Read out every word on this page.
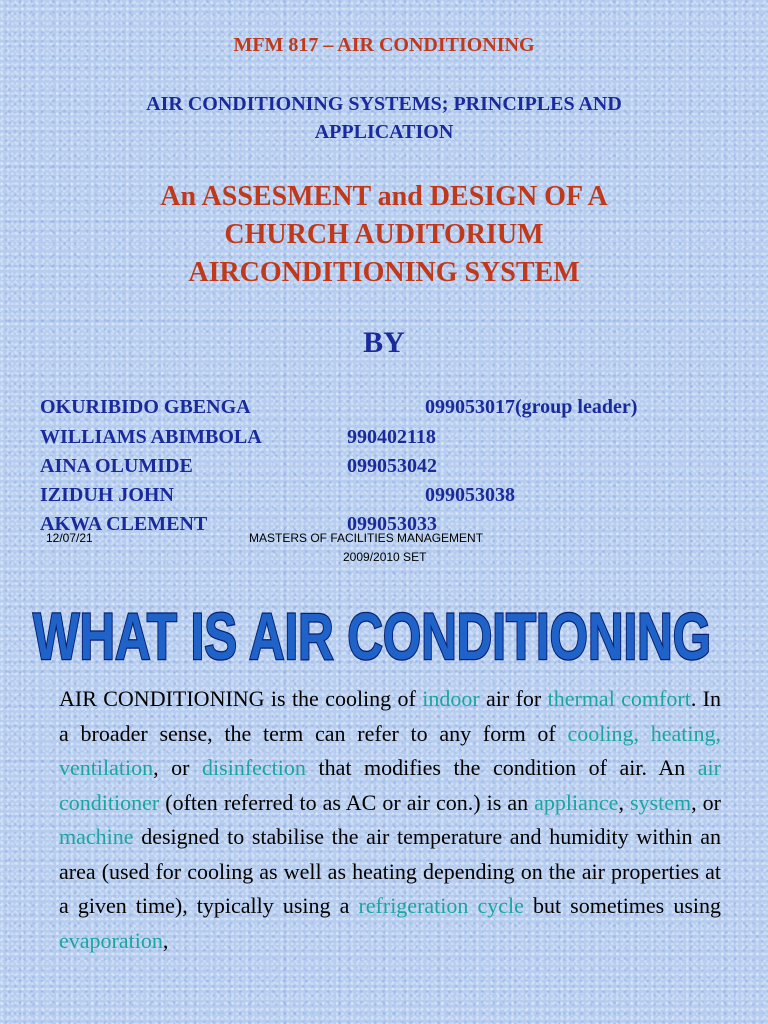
MFM 817 – AIR CONDITIONING
AIR CONDITIONING SYSTEMS; PRINCIPLES AND
APPLICATION
An ASSESMENT and DESIGN OF A
CHURCH AUDITORIUM
AIRCONDITIONING SYSTEM
BY
OKURIBIDO GBENGA	099053017(group leader)
WILLIAMS ABIMBOLA	990402118
AINA OLUMIDE	099053042
IZIDUH JOHN	099053038
AKWA CLEMENT	099053033
12/07/21	MASTERS OF FACILITIES MANAGEMENT
2009/2010 SET
WHAT IS AIR CONDITIONING
AIR CONDITIONING is the cooling of indoor air for thermal comfort. In a broader sense, the term can refer to any form of cooling, heating, ventilation, or disinfection that modifies the condition of air. An air conditioner (often referred to as AC or air con.) is an appliance, system, or machine designed to stabilise the air temperature and humidity within an area (used for cooling as well as heating depending on the air properties at a given time), typically using a refrigeration cycle but sometimes using evaporation,
